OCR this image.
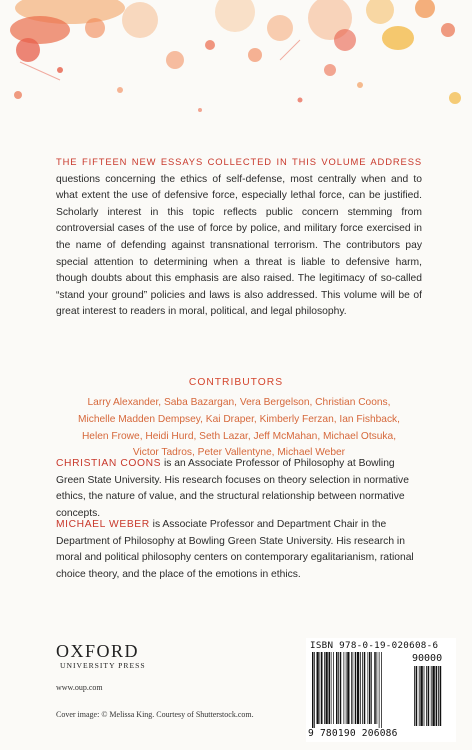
THE FIFTEEN NEW ESSAYS COLLECTED IN THIS VOLUME ADDRESS questions concerning the ethics of self-defense, most centrally when and to what extent the use of defensive force, especially lethal force, can be justified. Scholarly interest in this topic reflects public concern stemming from controversial cases of the use of force by police, and military force exercised in the name of defending against transnational terrorism. The contributors pay special attention to determining when a threat is liable to defensive harm, though doubts about this emphasis are also raised. The legitimacy of so-called “stand your ground” policies and laws is also addressed. This volume will be of great interest to readers in moral, political, and legal philosophy.
CONTRIBUTORS
Larry Alexander, Saba Bazargan, Vera Bergelson, Christian Coons,
Michelle Madden Dempsey, Kai Draper, Kimberly Ferzan, Ian Fishback,
Helen Frowe, Heidi Hurd, Seth Lazar, Jeff McMahan, Michael Otsuka,
Victor Tadros, Peter Vallentyne, Michael Weber
CHRISTIAN COONS is an Associate Professor of Philosophy at Bowling Green State University. His research focuses on theory selection in normative ethics, the nature of value, and the structural relationship between normative concepts.
MICHAEL WEBER is Associate Professor and Department Chair in the Department of Philosophy at Bowling Green State University. His research in moral and political philosophy centers on contemporary egalitarianism, rational choice theory, and the place of the emotions in ethics.
OXFORD
UNIVERSITY PRESS
www.oup.com
Cover image: © Melissa King. Courtesy of Shutterstock.com.
ISBN 978-0-19-020608-6
90000
9 780190 206086
